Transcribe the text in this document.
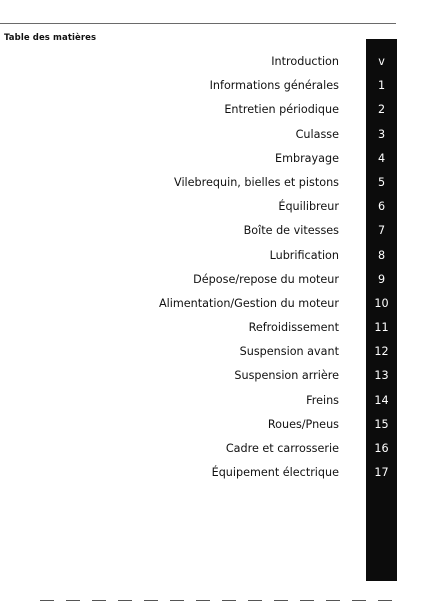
Table des matières
Introduction	v
Informations générales	1
Entretien périodique	2
Culasse	3
Embrayage	4
Vilebrequin, bielles et pistons	5
Équilibreur	6
Boîte de vitesses	7
Lubrification	8
Dépose/repose du moteur	9
Alimentation/Gestion du moteur	10
Refroidissement	11
Suspension avant	12
Suspension arrière	13
Freins	14
Roues/Pneus	15
Cadre et carrosserie	16
Équipement électrique	17
